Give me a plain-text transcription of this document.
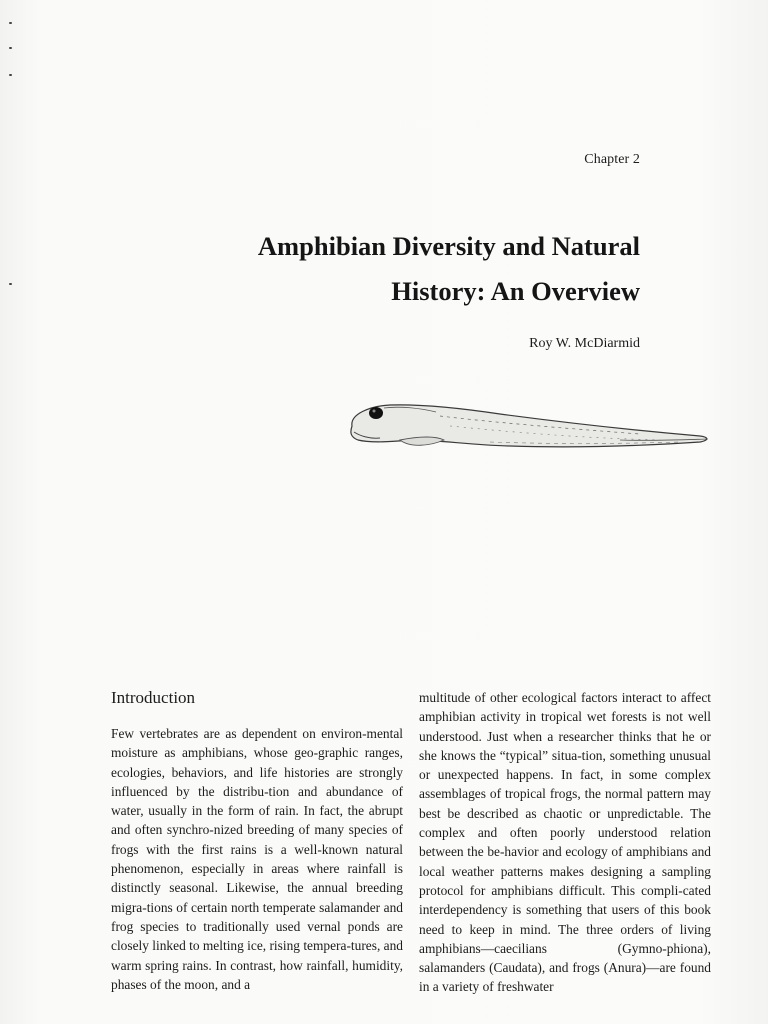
Chapter 2
Amphibian Diversity and Natural
History: An Overview
Roy W. McDiarmid
Introduction

Few vertebrates are as dependent on environ-mental moisture as amphibians, whose geo-graphic ranges, ecologies, behaviors, and life histories are strongly influenced by the distribu-tion and abundance of water, usually in the form of rain. In fact, the abrupt and often synchro-nized breeding of many species of frogs with the first rains is a well-known natural phenomenon, especially in areas where rainfall is distinctly seasonal. Likewise, the annual breeding migra-tions of certain north temperate salamander and frog species to traditionally used vernal ponds are closely linked to melting ice, rising tempera-tures, and warm spring rains. In contrast, how rainfall, humidity, phases of the moon, and a

multitude of other ecological factors interact to affect amphibian activity in tropical wet forests is not well understood. Just when a researcher thinks that he or she knows the “typical” situa-tion, something unusual or unexpected happens. In fact, in some complex assemblages of tropical frogs, the normal pattern may best be described as chaotic or unpredictable. The complex and often poorly understood relation between the be-havior and ecology of amphibians and local weather patterns makes designing a sampling protocol for amphibians difficult. This compli-cated interdependency is something that users of this book need to keep in mind. The three orders of living amphibians—caecilians (Gymno-phiona), salamanders (Caudata), and frogs (Anura)—are found in a variety of freshwater
